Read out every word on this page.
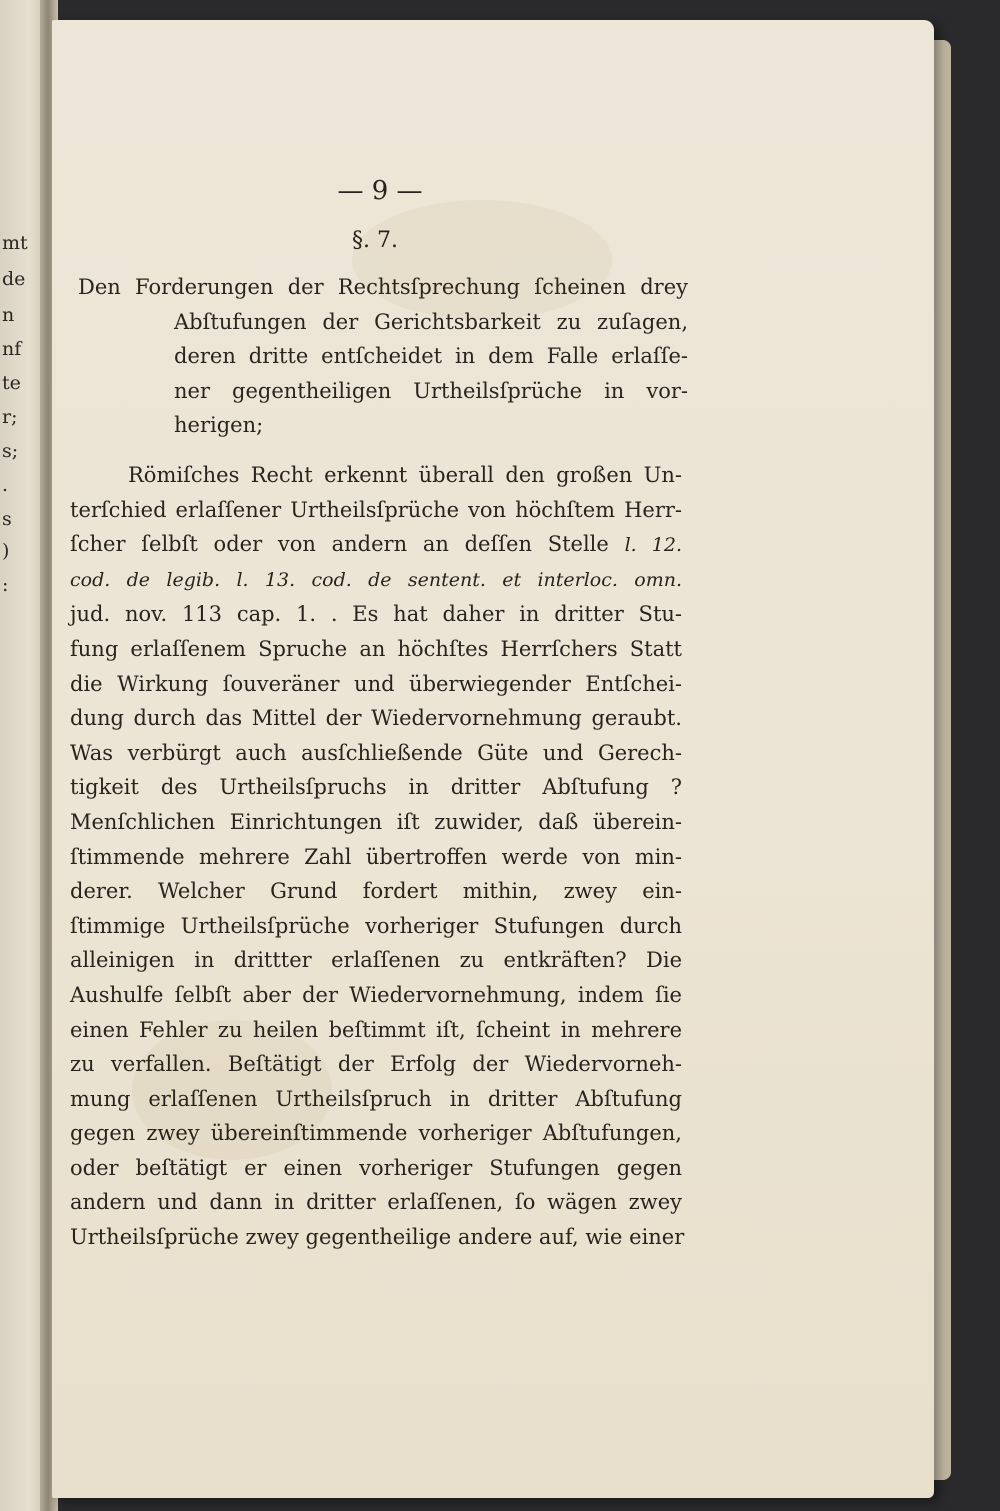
mt
de
n
nf
te
r;
s;
.
s
)
:
— 9 —
§. 7.
Den Forderungen der Rechtsſprechung ſcheinen drey
Abſtufungen der Gerichtsbarkeit zu zuſagen,
deren dritte entſcheidet in dem Falle erlaſſe-
ner gegentheiligen Urtheilsſprüche in vor-
herigen;
Römiſches Recht erkennt überall den großen Un-
terſchied erlaſſener Urtheilsſprüche von höchſtem Herr-
ſcher ſelbſt oder von andern an deſſen Stelle l. 12.
cod. de legib. l. 13. cod. de sentent. et interloc. omn.
jud. nov. 113 cap. 1. . Es hat daher in dritter Stu-
fung erlaſſenem Spruche an höchſtes Herrſchers Statt
die Wirkung ſouveräner und überwiegender Entſchei-
dung durch das Mittel der Wiedervornehmung geraubt.
Was verbürgt auch ausſchließende Güte und Gerech-
tigkeit des Urtheilsſpruchs in dritter Abſtufung ?
Menſchlichen Einrichtungen iſt zuwider, daß überein-
ſtimmende mehrere Zahl übertroffen werde von min-
derer. Welcher Grund fordert mithin, zwey ein-
ſtimmige Urtheilsſprüche vorheriger Stufungen durch
alleinigen in drittter erlaſſenen zu entkräften? Die
Aushulfe ſelbſt aber der Wiedervornehmung, indem ſie
einen Fehler zu heilen beſtimmt iſt, ſcheint in mehrere
zu verfallen. Beſtätigt der Erfolg der Wiedervorneh-
mung erlaſſenen Urtheilsſpruch in dritter Abſtufung
gegen zwey übereinſtimmende vorheriger Abſtufungen,
oder beſtätigt er einen vorheriger Stufungen gegen
andern und dann in dritter erlaſſenen, ſo wägen zwey
Urtheilsſprüche zwey gegentheilige andere auf, wie einer
